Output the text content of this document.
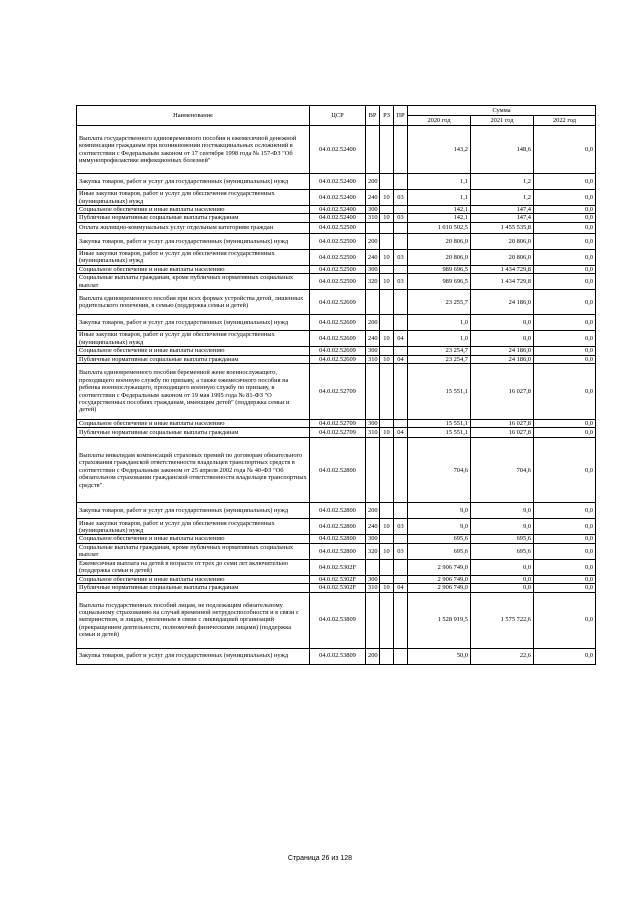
Наименование	ЦСР	ВР	РЗ	ПР	Сумма		
					2020 год	2021 год	2022 год
Выплата государственного единовременного пособия и ежемесячной денежной компенсации гражданам при возникновении поствакцинальных осложнений в соответствии с Федеральным законом от 17 сентября 1998 года № 157-ФЗ "Об иммунопрофилактике инфекционных болезней"	04.0.02.52400				143,2	148,6	0,0
Закупка товаров, работ и услуг для государственных (муниципальных) нужд	04.0.02.52400	200			1,1	1,2	0,0
Иные закупки товаров, работ и услуг для обеспечения государственных (муниципальных) нужд	04.0.02.52400	240	10	03	1,1	1,2	0,0
Социальное обеспечение и иные выплаты населению	04.0.02.52400	300			142,1	147,4	0,0
Публичные нормативные социальные выплаты гражданам	04.0.02.52400	310	10	03	142,1	147,4	0,0
Оплата жилищно-коммунальных услуг отдельным категориям граждан	04.0.02.52500				1 010 502,5	1 455 535,8	0,0
Закупка товаров, работ и услуг для государственных (муниципальных) нужд	04.0.02.52500	200			20 806,0	20 806,0	0,0
Иные закупки товаров, работ и услуг для обеспечения государственных (муниципальных) нужд	04.0.02.52500	240	10	03	20 806,0	20 806,0	0,0
Социальное обеспечение и иные выплаты населению	04.0.02.52500	300			989 696,5	1 434 729,8	0,0
Социальные выплаты гражданам, кроме публичных нормативных социальных выплат	04.0.02.52500	320	10	03	989 696,5	1 434 729,8	0,0
Выплата единовременного пособия при всех формах устройства детей, лишенных родительского попечения, в семью (поддержка семьи и детей)	04.0.02.52609				23 255,7	24 186,0	0,0
Закупка товаров, работ и услуг для государственных (муниципальных) нужд	04.0.02.52609	200			1,0	0,0	0,0
Иные закупки товаров, работ и услуг для обеспечения государственных (муниципальных) нужд	04.0.02.52609	240	10	04	1,0	0,0	0,0
Социальное обеспечение и иные выплаты населению	04.0.02.52609	300			23 254,7	24 186,0	0,0
Публичные нормативные социальные выплаты гражданам	04.0.02.52609	310	10	04	23 254,7	24 186,0	0,0
Выплата единовременного пособия беременной жене военнослужащего, проходящего военную службу по призыву, а также ежемесячного пособия на ребенка военнослужащего, проходящего военную службу по призыву, в соответствии с Федеральным законом от 19 мая 1995 года № 81-ФЗ "О государственных пособиях гражданам, имеющим детей" (поддержка семьи и детей)	04.0.02.52709				15 551,1	16 027,8	0,0
Социальное обеспечение и иные выплаты населению	04.0.02.52709	300			15 551,1	16 027,8	0,0
Публичные нормативные социальные выплаты гражданам	04.0.02.52709	310	10	04	15 551,1	16 027,8	0,0
Выплаты инвалидам компенсаций страховых премий по договорам обязательного страхования гражданской ответственности владельцев транспортных средств в соответствии с Федеральным законом от 25 апреля 2002 года № 40-ФЗ "Об обязательном страховании гражданской ответственности владельцев транспортных средств"	04.0.02.52800				704,6	704,6	0,0
Закупка товаров, работ и услуг для государственных (муниципальных) нужд	04.0.02.52800	200			9,0	9,0	0,0
Иные закупки товаров, работ и услуг для обеспечения государственных (муниципальных) нужд	04.0.02.52800	240	10	03	9,0	9,0	0,0
Социальное обеспечение и иные выплаты населению	04.0.02.52800	300			695,6	695,6	0,0
Социальные выплаты гражданам, кроме публичных нормативных социальных выплат	04.0.02.52800	320	10	03	695,6	695,6	0,0
Ежемесячная выплата на детей в возрасте от трех до семи лет включительно (поддержка семьи и детей)	04.0.02.5302F				2 906 749,0	0,0	0,0
Социальное обеспечение и иные выплаты населению	04.0.02.5302F	300			2 906 749,0	0,0	0,0
Публичные нормативные социальные выплаты гражданам	04.0.02.5302F	310	10	04	2 906 749,0	0,0	0,0
Выплаты государственных пособий лицам, не подлежащим обязательному социальному страхованию на случай временной нетрудоспособности и в связи с материнством, и лицам, уволенным в связи с ликвидацией организаций (прекращением деятельности, полномочий физическими лицами) (поддержка семьи и детей)	04.0.02.53809				1 528 919,5	1 575 722,6	0,0
Закупка товаров, работ и услуг для государственных (муниципальных) нужд	04.0.02.53809	200			50,0	22,6	0,0
Страница 26 из 128
